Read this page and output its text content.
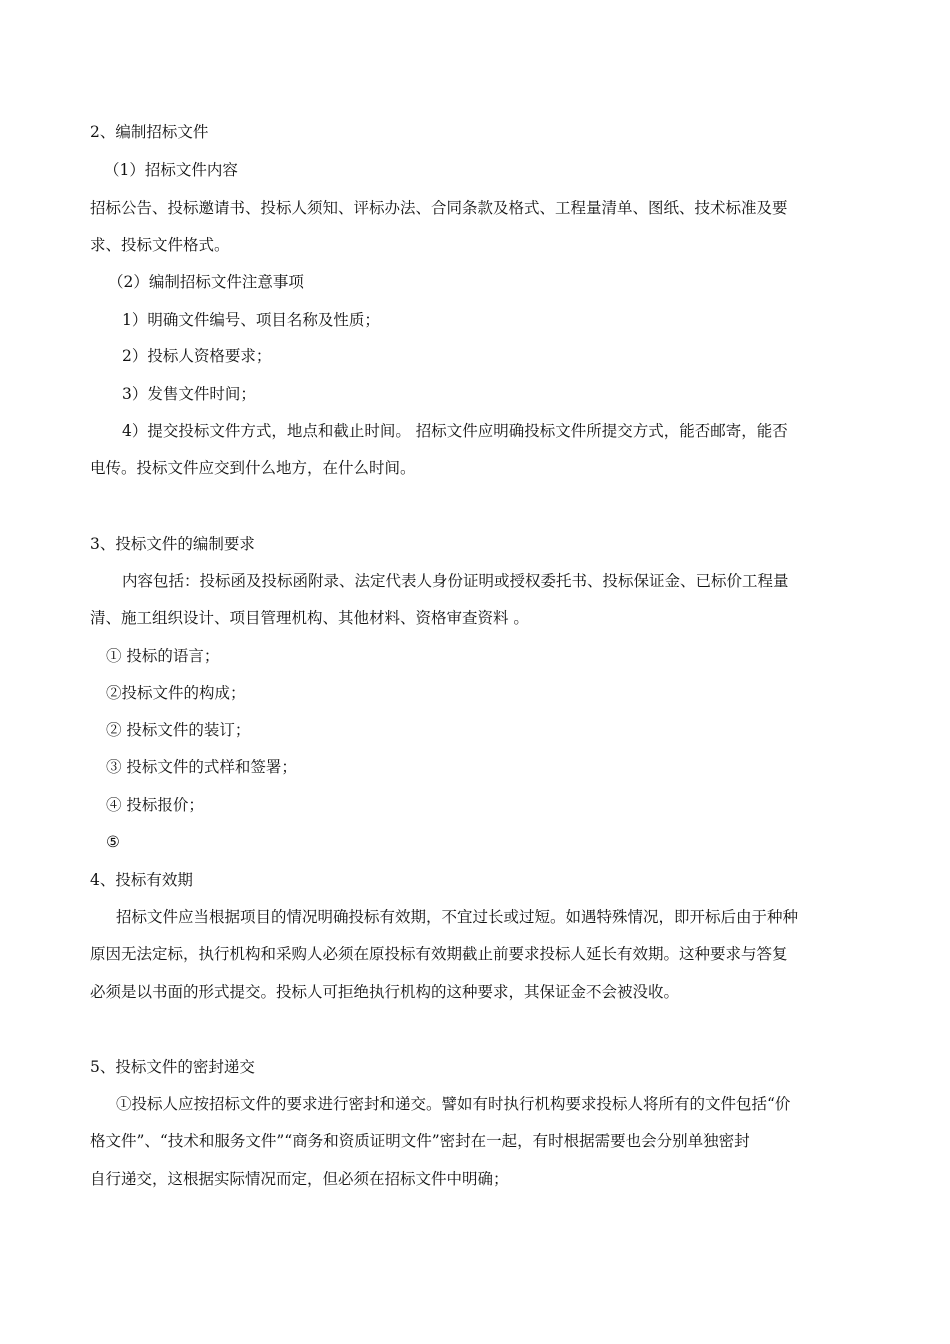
2、编制招标文件
（1）招标文件内容
招标公告、投标邀请书、投标人须知、评标办法、合同条款及格式、工程量清单、图纸、技术标准及要
求、投标文件格式。
（2）编制招标文件注意事项
1）明确文件编号、项目名称及性质；
2）投标人资格要求；
3）发售文件时间；
4）提交投标文件方式，地点和截止时间。 招标文件应明确投标文件所提交方式，能否邮寄，能否
电传。投标文件应交到什么地方，在什么时间。
3、投标文件的编制要求
内容包括：投标函及投标函附录、法定代表人身份证明或授权委托书、投标保证金、已标价工程量
清、施工组织设计、项目管理机构、其他材料、资格审查资料 。
① 投标的语言；
②投标文件的构成；
② 投标文件的装订；
③ 投标文件的式样和签署；
④ 投标报价；
⑤
4、投标有效期
招标文件应当根据项目的情况明确投标有效期，不宜过长或过短。如遇特殊情况，即开标后由于种种
原因无法定标，执行机构和采购人必须在原投标有效期截止前要求投标人延长有效期。这种要求与答复
必须是以书面的形式提交。投标人可拒绝执行机构的这种要求，其保证金不会被没收。
5、投标文件的密封递交
①投标人应按招标文件的要求进行密封和递交。譬如有时执行机构要求投标人将所有的文件包括“价
格文件”、“技术和服务文件”“商务和资质证明文件”密封在一起，有时根据需要也会分别单独密封
自行递交，这根据实际情况而定，但必须在招标文件中明确；
